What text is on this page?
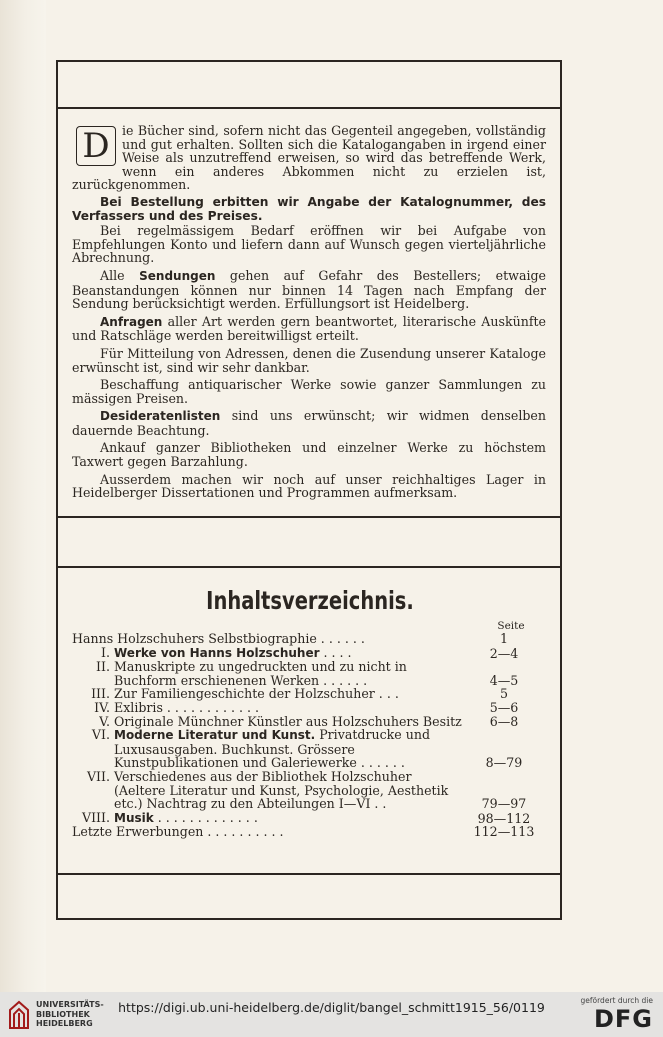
D ie Bücher sind, sofern nicht das Gegenteil angegeben, vollständig und gut erhalten. Sollten sich die Katalogangaben in irgend einer Weise als unzutreffend erweisen, so wird das betreffende Werk, wenn ein anderes Abkommen nicht zu erzielen ist, zurückgenommen.

Bei Bestellung erbitten wir Angabe der Katalognummer, des Verfassers und des Preises.

Bei regelmässigem Bedarf eröffnen wir bei Aufgabe von Empfehlungen Konto und liefern dann auf Wunsch gegen vierteljährliche Abrechnung.

Alle Sendungen gehen auf Gefahr des Bestellers; etwaige Beanstandungen können nur binnen 14 Tagen nach Empfang der Sendung berücksichtigt werden. Erfüllungsort ist Heidelberg.

Anfragen aller Art werden gern beantwortet, literarische Auskünfte und Ratschläge werden bereitwilligst erteilt.

Für Mitteilung von Adressen, denen die Zusendung unserer Kataloge erwünscht ist, sind wir sehr dankbar.

Beschaffung antiquarischer Werke sowie ganzer Sammlungen zu mässigen Preisen.

Desideratenlisten sind uns erwünscht; wir widmen denselben dauernde Beachtung.

Ankauf ganzer Bibliotheken und einzelner Werke zu höchstem Taxwert gegen Barzahlung.

Ausserdem machen wir noch auf unser reichhaltiges Lager in Heidelberger Dissertationen und Programmen aufmerksam.

Inhaltsverzeichnis.
Seite
Hanns Holzschuhers Selbstbiographie . . . . . .	1
I. Werke von Hanns Holzschuher . . . .	2—4
II. Manuskripte zu ungedruckten und zu nicht in Buchform erschienenen Werken . . . . . .	4—5
III. Zur Familiengeschichte der Holzschuher . . .	5
IV. Exlibris . . . . . . . . . . . .	5—6
V. Originale Münchner Künstler aus Holzschuhers Besitz	6—8
VI. Moderne Literatur und Kunst. Privatdrucke und Luxusausgaben. Buchkunst. Grössere Kunstpublikationen und Galeriewerke . . . . . .	8—79
VII. Verschiedenes aus der Bibliothek Holzschuher (Aeltere Literatur und Kunst, Psychologie, Aesthetik etc.) Nachtrag zu den Abteilungen I—VI . .	79—97
VIII. Musik . . . . . . . . . . . . .	98—112
Letzte Erwerbungen . . . . . . . . . .	112—113
UNIVERSITÄTS-
BIBLIOTHEK
HEIDELBERG
https://digi.ub.uni-heidelberg.de/diglit/bangel_schmitt1915_56/0119	gefördert durch die
DFG
